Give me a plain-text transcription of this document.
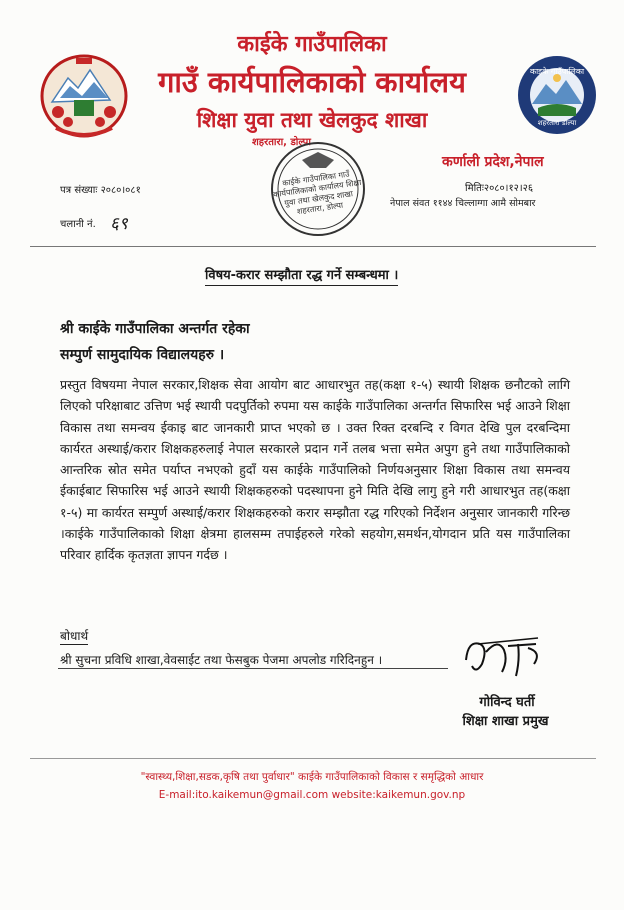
काइके गाउँपालिका
शहरतारा डोल्पा
काईके गाउँपालिका
गाउँ कार्यपालिकाको कार्यालय
शिक्षा युवा तथा खेलकुद शाखा
शहरतारा, डोल्पा
कर्णाली प्रदेश,नेपाल
काईके गाउँपालिका गाउँ कार्यपालिकाको कार्यालय शिक्षा युवा तथा खेलकुद शाखा शहरतारा, डोल्पा
पत्र संख्याः २०८०।०८१
चलानी नं. ६९
मितिः२०८०।१२।२६
नेपाल संवत ११४४ चिल्लाग्गा आमै सोमबार
विषय-करार सम्झौता रद्ध गर्ने सम्बन्धमा ।
श्री काईके गाउँपालिका अन्तर्गत रहेका
सम्पुर्ण सामुदायिक विद्यालयहरु ।
प्रस्तुत विषयमा नेपाल सरकार,शिक्षक सेवा आयोग बाट आधारभुत तह(कक्षा १-५) स्थायी शिक्षक छनौटको लागि लिएको परिक्षाबाट उत्तिण भई स्थायी पदपुर्तिको रुपमा यस काईके गाउँपालिका अन्तर्गत सिफारिस भई आउने शिक्षा विकास तथा समन्वय ईकाइ बाट जानकारी प्राप्त भएको छ । उक्त रिक्त दरबन्दि र विगत देखि पुल दरबन्दिमा कार्यरत अस्थाई/करार शिक्षकहरुलाई नेपाल सरकारले प्रदान गर्ने तलब भत्ता समेत अपुग हुने तथा गाउँपालिकाको आन्तरिक स्रोत समेत पर्याप्त नभएको हुदाँ यस काईके गाउँपालिको निर्णयअनुसार शिक्षा विकास तथा समन्वय ईकाईबाट सिफारिस भई आउने स्थायी शिक्षकहरुको पदस्थापना हुने मिति देखि लागु हुने गरी आधारभुत तह(कक्षा १-५) मा कार्यरत सम्पुर्ण अस्थाई/करार शिक्षकहरुको करार सम्झौता रद्ध गरिएको निर्देशन अनुसार जानकारी गरिन्छ ।काईके गाउँपालिकाको शिक्षा क्षेत्रमा हालसम्म तपाईहरुले गरेको सहयोग,समर्थन,योगदान प्रति यस गाउँपालिका परिवार हार्दिक कृतज्ञता ज्ञापन गर्दछ ।
बोधार्थ
श्री सुचना प्रविधि शाखा,वेवसाईट तथा फेसबुक पेजमा अपलोड गरिदिनहुन ।
गोविन्द घर्ती
शिक्षा शाखा प्रमुख
"स्वास्थ्य,शिक्षा,सडक,कृषि तथा पुर्वाधार" काईके गाउँपालिकाको विकास र समृद्धिको आधार
E-mail:ito.kaikemun@gmail.com website:kaikemun.gov.np
